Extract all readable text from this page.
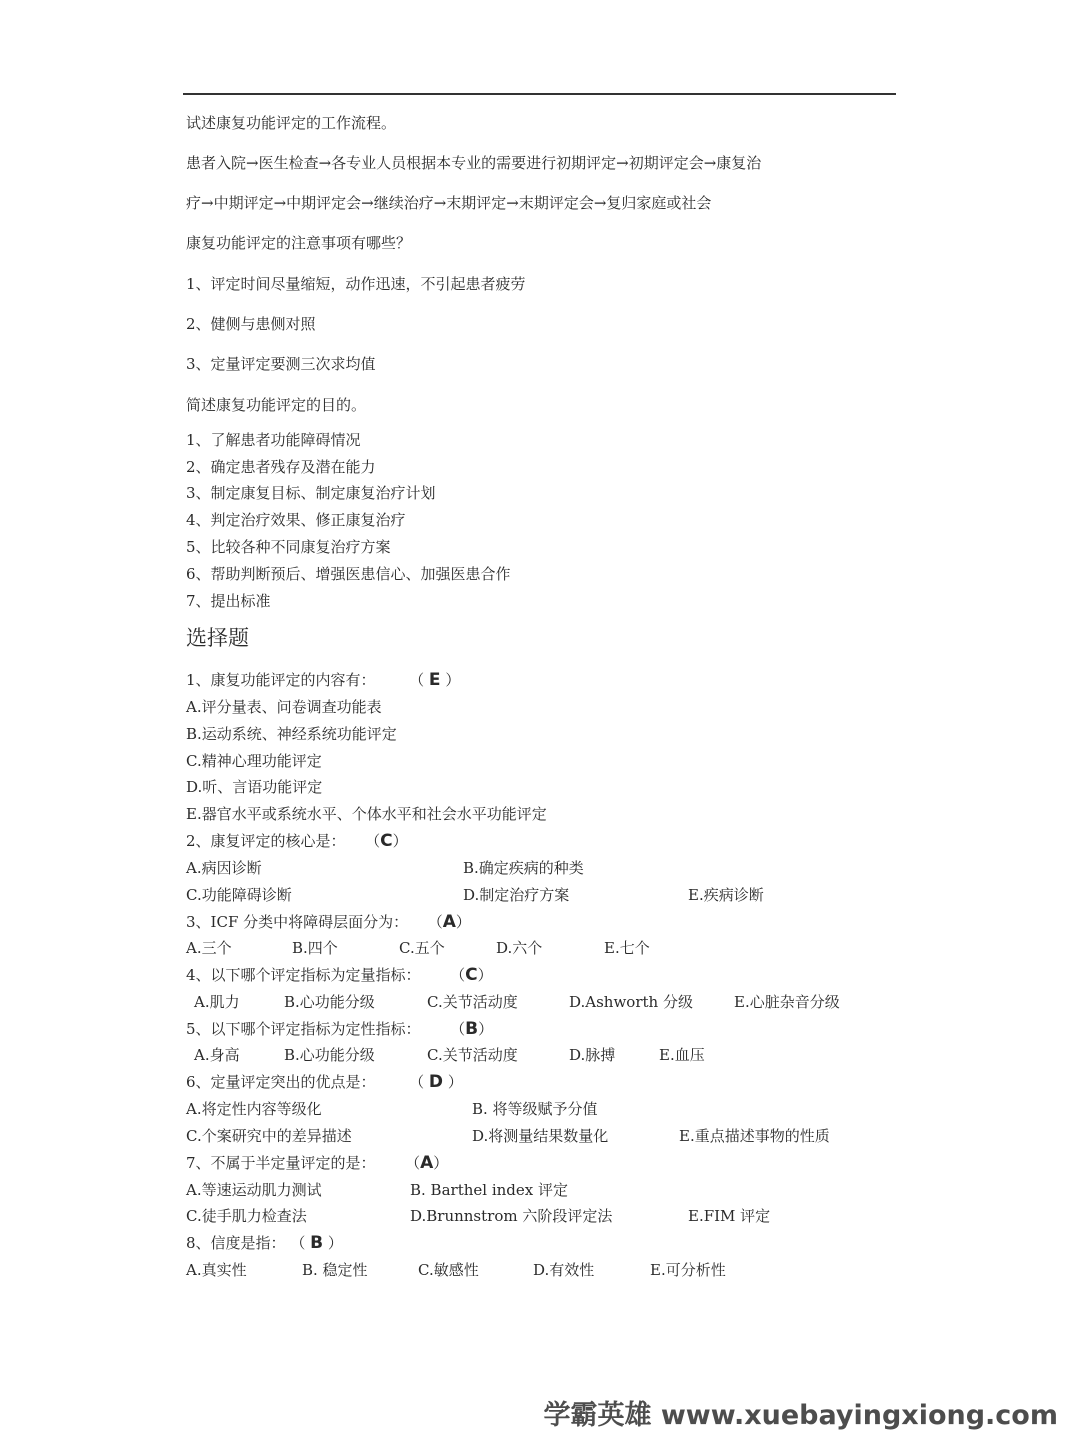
试述康复功能评定的工作流程。
患者入院→医生检查→各专业人员根据本专业的需要进行初期评定→初期评定会→康复治
疗→中期评定→中期评定会→继续治疗→末期评定→末期评定会→复归家庭或社会
康复功能评定的注意事项有哪些？
1、评定时间尽量缩短，动作迅速，不引起患者疲劳
2、健侧与患侧对照
3、定量评定要测三次求均值
简述康复功能评定的目的。
1、了解患者功能障碍情况
2、确定患者残存及潜在能力
3、制定康复目标、制定康复治疗计划
4、判定治疗效果、修正康复治疗
5、比较各种不同康复治疗方案
6、帮助判断预后、增强医患信心、加强医患合作
7、提出标准
选择题
1、康复功能评定的内容有： （ E ）
A.评分量表、问卷调查功能表
B.运动系统、神经系统功能评定
C.精神心理功能评定
D.听、言语功能评定
E.器官水平或系统水平、个体水平和社会水平功能评定
2、康复评定的核心是： （C）
A.病因诊断	B.确定疾病的种类
C.功能障碍诊断	D.制定治疗方案	E.疾病诊断
3、ICF 分类中将障碍层面分为： （A）
A.三个	B.四个	C.五个	D.六个	E.七个
4、以下哪个评定指标为定量指标： （C）
A.肌力	B.心功能分级	C.关节活动度	D.Ashworth 分级	E.心脏杂音分级
5、以下哪个评定指标为定性指标： （B）
A.身高	B.心功能分级	C.关节活动度	D.脉搏	E.血压
6、定量评定突出的优点是： （ D ）
A.将定性内容等级化	B. 将等级赋予分值
C.个案研究中的差异描述	D.将测量结果数量化	E.重点描述事物的性质
7、不属于半定量评定的是： （A）
A.等速运动肌力测试	B. Barthel index 评定
C.徒手肌力检查法	D.Brunnstrom 六阶段评定法	E.FIM 评定
8、信度是指： （ B ）
A.真实性	B. 稳定性	C.敏感性	D.有效性	E.可分析性
学霸英雄 www.xuebayingxiong.com
